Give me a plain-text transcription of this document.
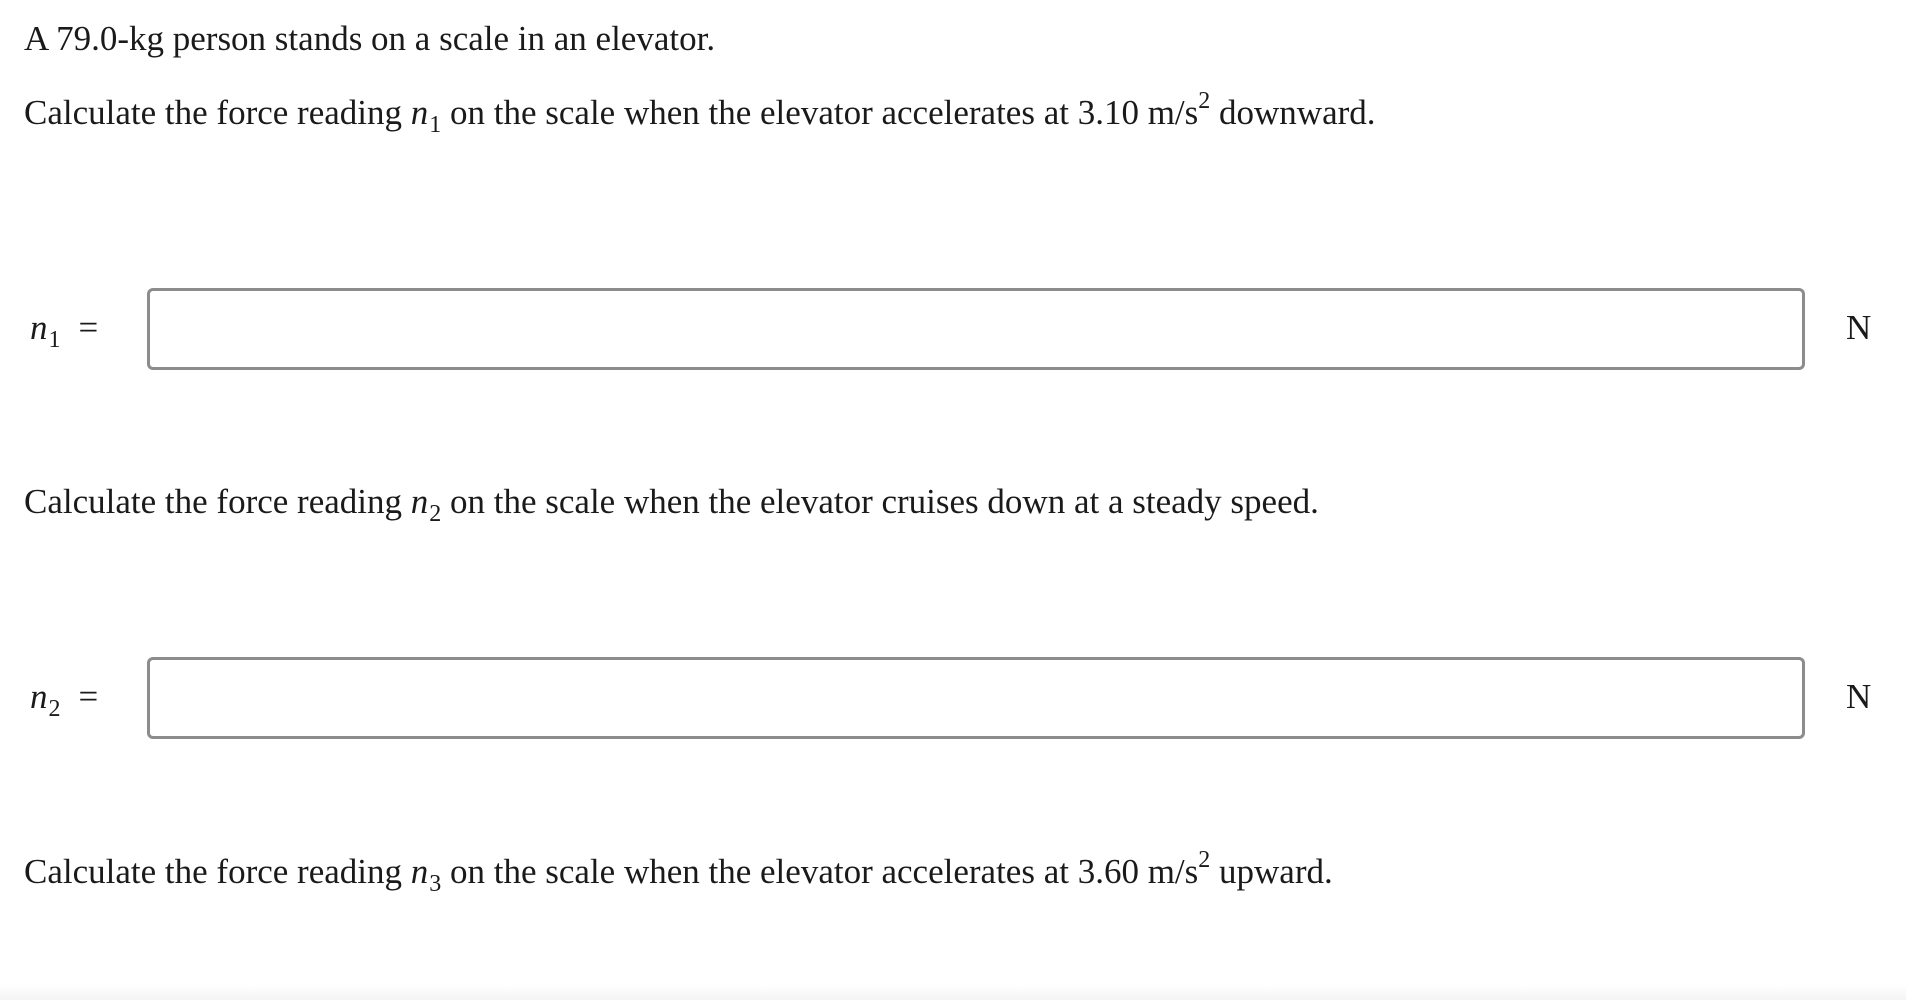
A 79.0-kg person stands on a scale in an elevator.
Calculate the force reading $n_1$ on the scale when the elevator accelerates at 3.10 $m/s^2$ downward.
$n_1$ =	N
Calculate the force reading $n_2$ on the scale when the elevator cruises down at a steady speed.
$n_2$ =	N
Calculate the force reading $n_3$ on the scale when the elevator accelerates at 3.60 $m/s^2$ upward.
